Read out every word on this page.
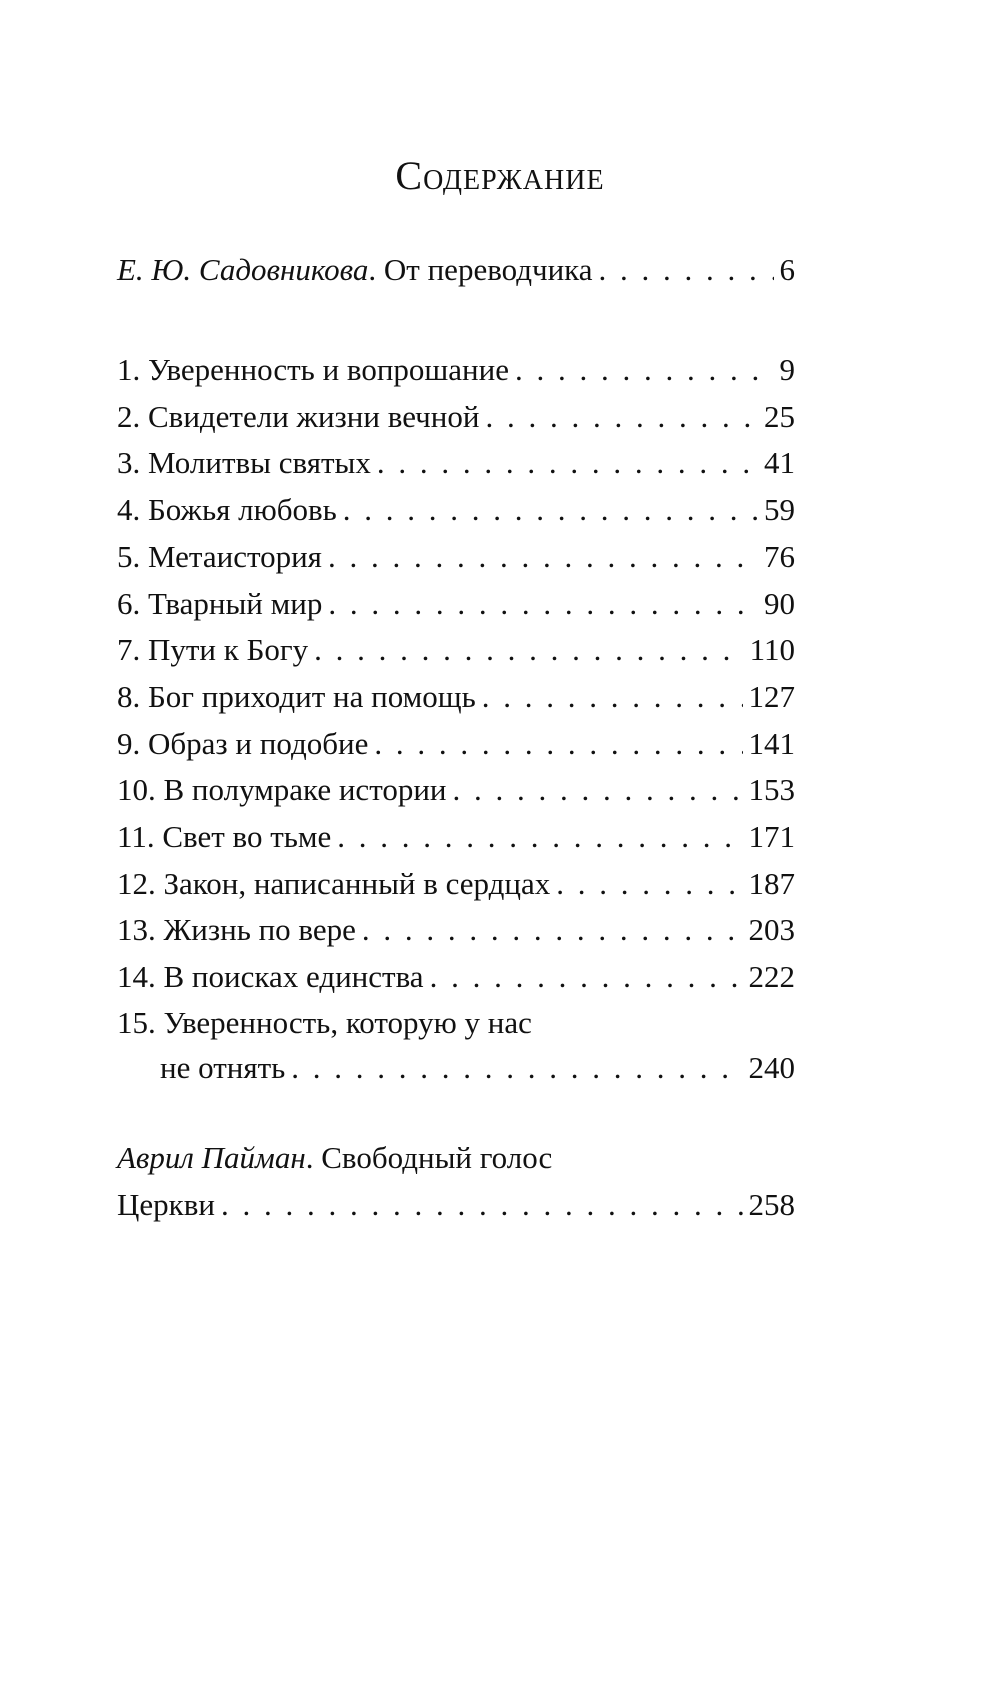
Содержание
Е. Ю. Садовникова. От переводчика . . .	6
1. Уверенность и вопрошание . . .	9
2. Свидетели жизни вечной . . .	25
3. Молитвы святых . . .	41
4. Божья любовь . . .	59
5. Метаистория . . .	76
6. Тварный мир . . .	90
7. Пути к Богу . . .	110
8. Бог приходит на помощь . . .	127
9. Образ и подобие . . .	141
10. В полумраке истории . . .	153
11. Свет во тьме . . .	171
12. Закон, написанный в сердцах . . .	187
13. Жизнь по вере . . .	203
14. В поисках единства . . .	222
15. Уверенность, которую у нас
не отнять . . .	240
Аврил Пайман. Свободный голос
Церкви . . .	258
